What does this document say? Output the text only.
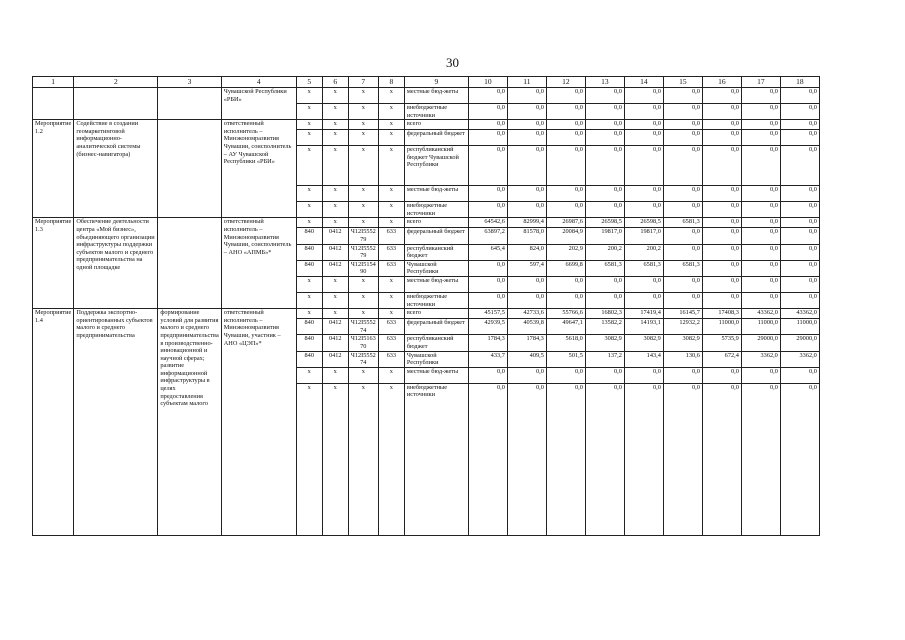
30
1	2	3	4	5	6	7	8	9	10	11	12	13	14	15	16	17	18
			Чувашской Республики «РБИ»	x	x	x	x	местные бюд-жеты	0,0	0,0	0,0	0,0	0,0	0,0	0,0	0,0	0,0
				x	x	x	x	внебюджетные источники	0,0	0,0	0,0	0,0	0,0	0,0	0,0	0,0	0,0
Мероприятие 1.2	Содействие в создании геомаркетинговой информационно-аналитической системы (бизнес-навигатора)		ответственный исполнитель – Минэкономразвития Чувашии, соисполнитель – АУ Чувашской Республики «РБИ»	x	x	x	x	всего	0,0	0,0	0,0	0,0	0,0	0,0	0,0	0,0	0,0
				x	x	x	x	федеральный бюджет	0,0	0,0	0,0	0,0	0,0	0,0	0,0	0,0	0,0
				x	x	x	x	республиканский бюджет Чувашской Республики	0,0	0,0	0,0	0,0	0,0	0,0	0,0	0,0	0,0
				x	x	x	x	местные бюд-жеты	0,0	0,0	0,0	0,0	0,0	0,0	0,0	0,0	0,0
				x	x	x	x	внебюджетные источники	0,0	0,0	0,0	0,0	0,0	0,0	0,0	0,0	0,0
Мероприятие 1.3	Обеспечение деятельности центра «Мой бизнес», объединяющего организации инфраструктуры поддержки субъектов малого и среднего предпринимательства на одной площадке		ответственный исполнитель – Минэкономразвития Чувашии, соисполнитель – АНО «АПМБ»*	x	x	x	x	всего	64542,6	82999,4	26987,6	26598,5	26598,5	6581,3	0,0	0,0	0,0
				840	0412	Ч12I5552 79	633	федеральный бюджет	63897,2	81578,0	20084,9	19817,0	19817,0	0,0	0,0	0,0	0,0
				840	0412	Ч12I5552 79	633	республиканский бюджет	645,4	824,0	202,9	200,2	200,2	0,0	0,0	0,0	0,0
				840	0412	Ч12I5154 90	633	Чувашской Республики	0,0	597,4	6699,8	6581,3	6581,3	6581,3	0,0	0,0	0,0
				x	x	x	x	местные бюд-жеты	0,0	0,0	0,0	0,0	0,0	0,0	0,0	0,0	0,0
				x	x	x	x	внебюджетные источники	0,0	0,0	0,0	0,0	0,0	0,0	0,0	0,0	0,0
Мероприятие 1.4	Поддержка экспортно-ориентированных субъектов малого и среднего предпринимательства	формирование условий для развития малого и среднего предпринимательства в производственно-инновационной и научной сферах; развитие информационной инфраструктуры в целях предоставления субъектам малого	ответственный исполнитель – Минэкономразвития Чувашии, участник – АНО «ЦЭП»*	x	x	x	x	всего	45157,5	42733,6	55766,6	16802,3	17419,4	16145,7	17408,3	43362,0	43362,0
				840	0412	Ч12I5552 74	633	федеральный бюджет	42939,5	40539,8	49647,1	13582,2	14193,1	12932,2	11000,0	11000,0	11000,0
				840	0412	Ч12I5163 70	633	республиканский бюджет	1784,3	1784,3	5618,0	3082,9	3082,9	3082,9	5735,9	29000,0	29000,0
				840	0412	Ч12I5552 74	633	Чувашской Республики	433,7	409,5	501,5	137,2	143,4	130,6	672,4	3362,0	3362,0
				x	x	x	x	местные бюд-жеты	0,0	0,0	0,0	0,0	0,0	0,0	0,0	0,0	0,0
				x	x	x	x	внебюджетные источники	0,0	0,0	0,0	0,0	0,0	0,0	0,0	0,0	0,0
